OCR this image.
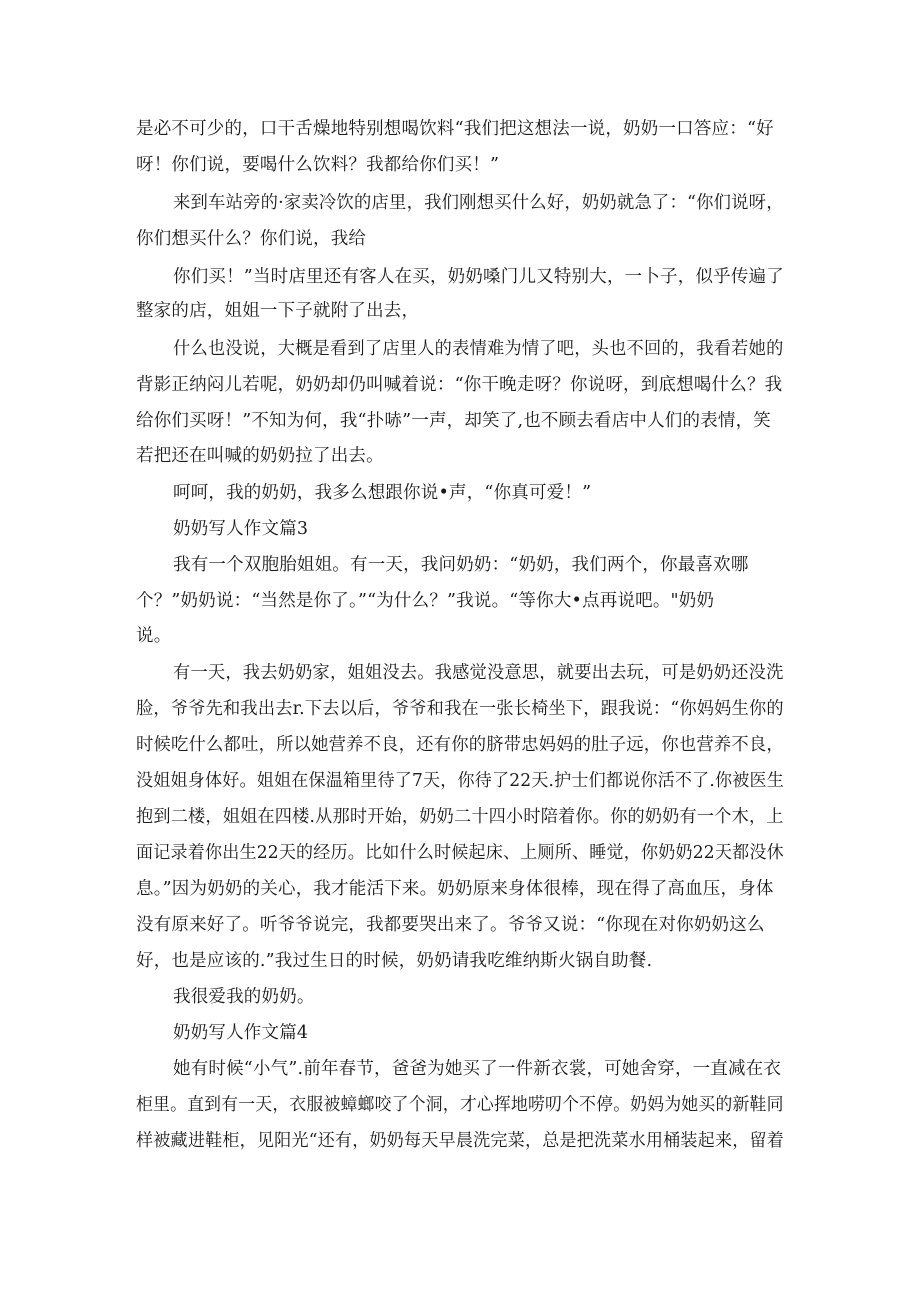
是必不可少的，口干舌燥地特别想喝饮料“我们把这想法一说，奶奶一口答应：“好
呀！你们说，要喝什么饮料？我都给你们买！”
来到车站旁的·家卖冷饮的店里，我们刚想买什么好，奶奶就急了：“你们说呀，
你们想买什么？你们说，我给
你们买！”当时店里还有客人在买，奶奶嗓门儿又特别大，一卜子，似乎传遍了
整家的店，姐姐一下子就附了出去，
什么也没说，大概是看到了店里人的表情难为情了吧，头也不回的，我看若她的
背影正纳闷儿若呢，奶奶却仍叫喊着说：“你干晚走呀？你说呀，到底想喝什么？我
给你们买呀！”不知为何，我“扑哧”一声，却笑了,也不顾去看店中人们的表情，笑
若把还在叫喊的奶奶拉了出去。
呵呵，我的奶奶，我多么想跟你说•声，“你真可爱！”
奶奶写人作文篇3
我有一个双胞胎姐姐。有一天，我问奶奶：“奶奶，我们两个，你最喜欢哪
个？”奶奶说：“当然是你了。”“为什么？”我说。“等你大•点再说吧。"奶奶
说。
有一天，我去奶奶家，姐姐没去。我感觉没意思，就要出去玩，可是奶奶还没洗
脸，爷爷先和我出去r.下去以后，爷爷和我在一张长椅坐下，跟我说：“你妈妈生你的
时候吃什么都吐，所以她营养不良，还有你的脐带忠妈妈的肚子远，你也营养不良，
没姐姐身体好。姐姐在保温箱里待了7天，你待了22天.护士们都说你活不了.你被医生
抱到二楼，姐姐在四楼.从那时开始，奶奶二十四小时陪着你。你的奶奶有一个木，上
面记录着你出生22天的经历。比如什么时候起床、上厕所、睡觉，你奶奶22天都没休
息。”因为奶奶的关心，我才能活下来。奶奶原来身体很棒，现在得了高血压，身体
没有原来好了。听爷爷说完，我都要哭出来了。爷爷又说：“你现在对你奶奶这么
好，也是应该的.”我过生日的时候，奶奶请我吃维纳斯火锅自助餐.
我很爱我的奶奶。
奶奶写人作文篇4
她有时候“小气”.前年春节，爸爸为她买了一件新衣裳，可她舍穿，一直减在衣
柜里。直到有一天，衣服被蟑螂咬了个洞，才心挥地唠叨个不停。奶妈为她买的新鞋同
样被藏进鞋柜，见阳光“还有，奶奶每天早晨洗完菜，总是把洗菜水用桶装起来，留着
